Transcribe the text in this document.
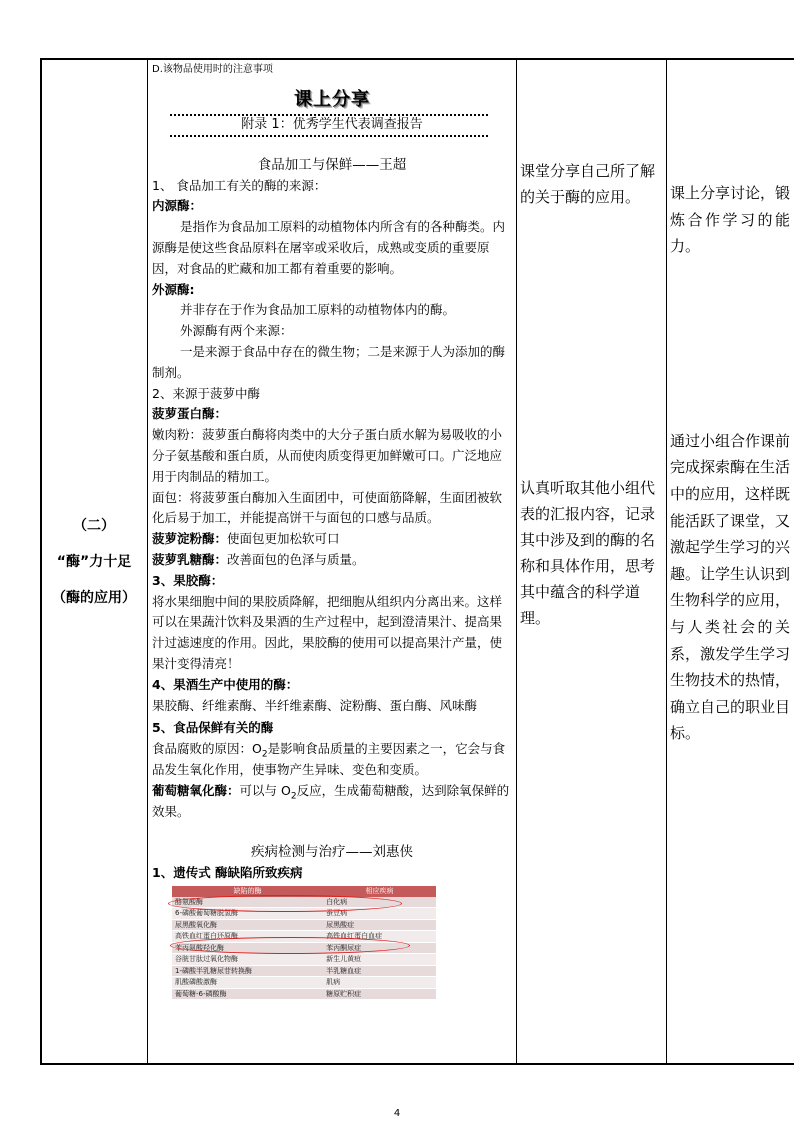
（二）
“酶”力十足
（酶的应用）

D.该物品使用时的注意事项

课上分享

附录 1：优秀学生代表调查报告

食品加工与保鲜——王超

1、 食品加工有关的酶的来源：

内源酶：

是指作为食品加工原料的动植物体内所含有的各种酶类。内源酶是使这些食品原料在屠宰或采收后，成熟或变质的重要原因，对食品的贮藏和加工都有着重要的影响。

外源酶:

并非存在于作为食品加工原料的动植物体内的酶。

外源酶有两个来源：

一是来源于食品中存在的微生物；二是来源于人为添加的酶制剂。

2、来源于菠萝中酶

菠萝蛋白酶：

嫩肉粉：菠萝蛋白酶将肉类中的大分子蛋白质水解为易吸收的小分子氨基酸和蛋白质，从而使肉质变得更加鲜嫩可口。广泛地应用于肉制品的精加工。

面包：将菠萝蛋白酶加入生面团中，可使面筋降解，生面团被软化后易于加工，并能提高饼干与面包的口感与品质。

菠萝淀粉酶：使面包更加松软可口

菠萝乳糖酶：改善面包的色泽与质量。

3、果胶酶：

将水果细胞中间的果胶质降解，把细胞从组织内分离出来。这样可以在果蔬汁饮料及果酒的生产过程中，起到澄清果汁、提高果汁过滤速度的作用。因此，果胶酶的使用可以提高果汁产量，使果汁变得清亮！

4、果酒生产中使用的酶：

果胶酶、纤维素酶、半纤维素酶、淀粉酶、蛋白酶、风味酶

5、食品保鲜有关的酶

食品腐败的原因：$O_2$是影响食品质量的主要因素之一，它会与食品发生氧化作用，使事物产生异味、变色和变质。

葡萄糖氧化酶：可以与 $O_2$反应，生成葡萄糖酸，达到除氧保鲜的效果。

疾病检测与治疗——刘惠侠

1、遗传式 酶缺陷所致疾病

缺陷的酶	相应疾病
酪氨酸酶	白化病
6-磷酸葡萄糖脱氢酶	蚕豆病
尿黑酸氧化酶	尿黑酸症
高铁血红蛋白还原酶	高铁血红蛋白血症
苯丙氨酸羟化酶	苯丙酮尿症
谷胱甘肽过氧化物酶	新生儿黄疸
1-磷酸半乳糖尿苷转换酶	半乳糖血症
肌酸磷酸激酶	肌病
葡萄糖-6-磷酸酶	糖原贮积症

课堂分享自己所了解的关于酶的应用。

认真听取其他小组代表的汇报内容，记录其中涉及到的酶的名称和具体作用，思考其中蕴含的科学道理。

课上分享讨论，锻炼合作学习的能力。

通过小组合作课前完成探索酶在生活中的应用，这样既能活跃了课堂，又激起学生学习的兴趣。让学生认识到生物科学的应用，与人类社会的关系，激发学生学习生物技术的热情，确立自己的职业目标。

4
